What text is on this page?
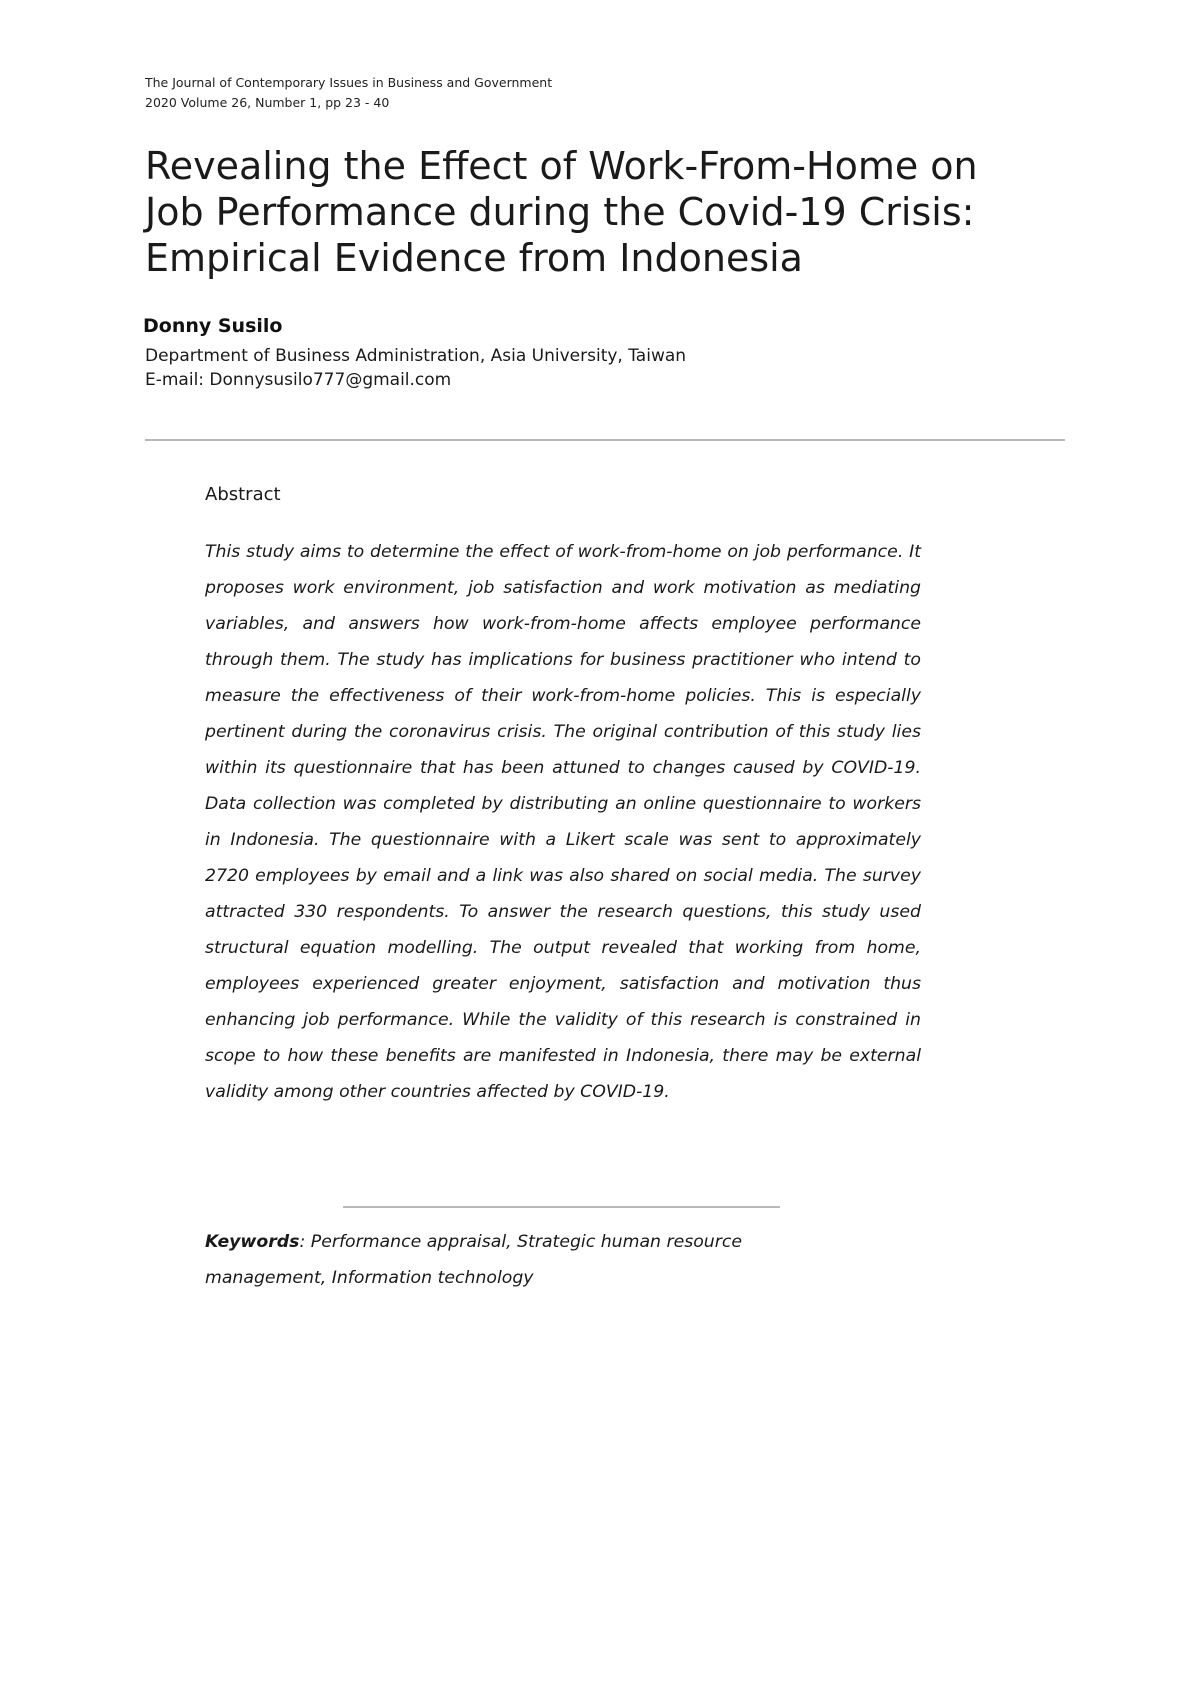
The Journal of Contemporary Issues in Business and Government
2020 Volume 26, Number 1, pp 23 - 40
Revealing the Effect of Work-From-Home on
Job Performance during the Covid-19 Crisis:
Empirical Evidence from Indonesia
Donny Susilo
Department of Business Administration, Asia University, Taiwan
E-mail: Donnysusilo777@gmail.com
Abstract

This study aims to determine the effect of work-from-home on job performance. It proposes work environment, job satisfaction and work motivation as mediating variables, and answers how work-from-home affects employee performance through them. The study has implications for business practitioner who intend to measure the effectiveness of their work-from-home policies. This is especially pertinent during the coronavirus crisis. The original contribution of this study lies within its questionnaire that has been attuned to changes caused by COVID-19. Data collection was completed by distributing an online questionnaire to workers in Indonesia. The questionnaire with a Likert scale was sent to approximately 2720 employees by email and a link was also shared on social media. The survey attracted 330 respondents. To answer the research questions, this study used structural equation modelling. The output revealed that working from home, employees experienced greater enjoyment, satisfaction and motivation thus enhancing job performance. While the validity of this research is constrained in scope to how these benefits are manifested in Indonesia, there may be external validity among other countries affected by COVID-19.

Keywords: Performance appraisal, Strategic human resource management, Information technology
